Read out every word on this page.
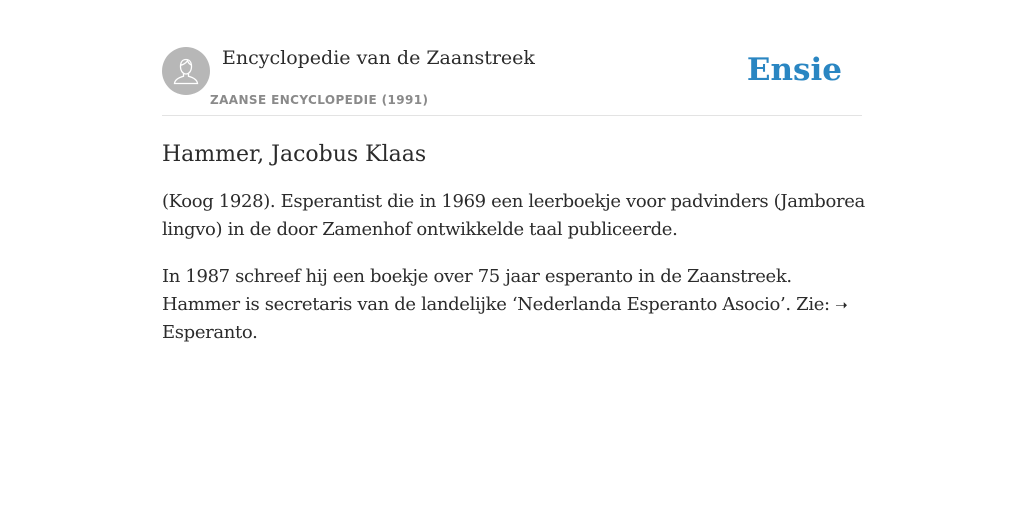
Encyclopedie van de Zaanstreek
ZAANSE ENCYCLOPEDIE (1991)
Ensie
Hammer, Jacobus Klaas

(Koog 1928). Esperantist die in 1969 een leerboekje voor padvinders (Jamborea lingvo) in de door Zamenhof ontwikkelde taal publiceerde.

In 1987 schreef hij een boekje over 75 jaar esperanto in de Zaanstreek. Hammer is secretaris van de landelijke ‘Nederlanda Esperanto Asocio’. Zie: ➝ Esperanto.
